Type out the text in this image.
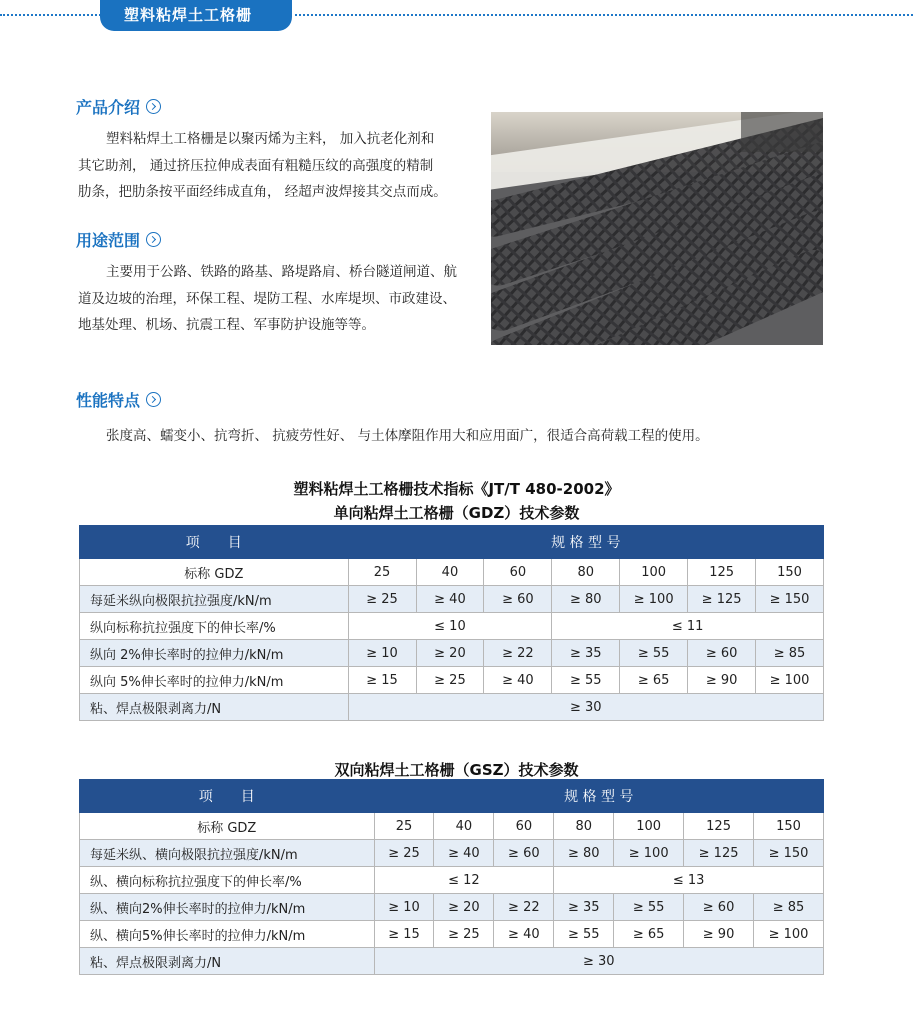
塑料粘焊土工格栅
产品介绍
塑料粘焊土工格栅是以聚丙烯为主料， 加入抗老化剂和
其它助剂， 通过挤压拉伸成表面有粗糙压纹的高强度的精制
肋条，把肋条按平面经纬成直角， 经超声波焊接其交点而成。
用途范围
主要用于公路、铁路的路基、路堤路肩、桥台隧道闸道、航
道及边坡的治理，环保工程、堤防工程、水库堤坝、市政建设、
地基处理、机场、抗震工程、军事防护设施等等。
性能特点
张度高、蠕变小、抗弯折、 抗疲劳性好、 与土体摩阻作用大和应用面广，很适合高荷载工程的使用。
塑料粘焊土工格栅技术指标《JT/T 480-2002》
单向粘焊土工格栅（GDZ）技术参数
项　　目	规 格 型 号						
标称 GDZ	25	40	60	80	100	125	150
每延米纵向极限抗拉强度/kN/m	≥ 25	≥ 40	≥ 60	≥ 80	≥ 100	≥ 125	≥ 150
纵向标称抗拉强度下的伸长率/%	≤ 10			≤ 11			
纵向 2%伸长率时的拉伸力/kN/m	≥ 10	≥ 20	≥ 22	≥ 35	≥ 55	≥ 60	≥ 85
纵向 5%伸长率时的拉伸力/kN/m	≥ 15	≥ 25	≥ 40	≥ 55	≥ 65	≥ 90	≥ 100
粘、焊点极限剥离力/N	≥ 30						
双向粘焊土工格栅（GSZ）技术参数
项　　目	规 格 型 号						
标称 GDZ	25	40	60	80	100	125	150
每延米纵、横向极限抗拉强度/kN/m	≥ 25	≥ 40	≥ 60	≥ 80	≥ 100	≥ 125	≥ 150
纵、横向标称抗拉强度下的伸长率/%	≤ 12			≤ 13			
纵、横向2%伸长率时的拉伸力/kN/m	≥ 10	≥ 20	≥ 22	≥ 35	≥ 55	≥ 60	≥ 85
纵、横向5%伸长率时的拉伸力/kN/m	≥ 15	≥ 25	≥ 40	≥ 55	≥ 65	≥ 90	≥ 100
粘、焊点极限剥离力/N	≥ 30						
